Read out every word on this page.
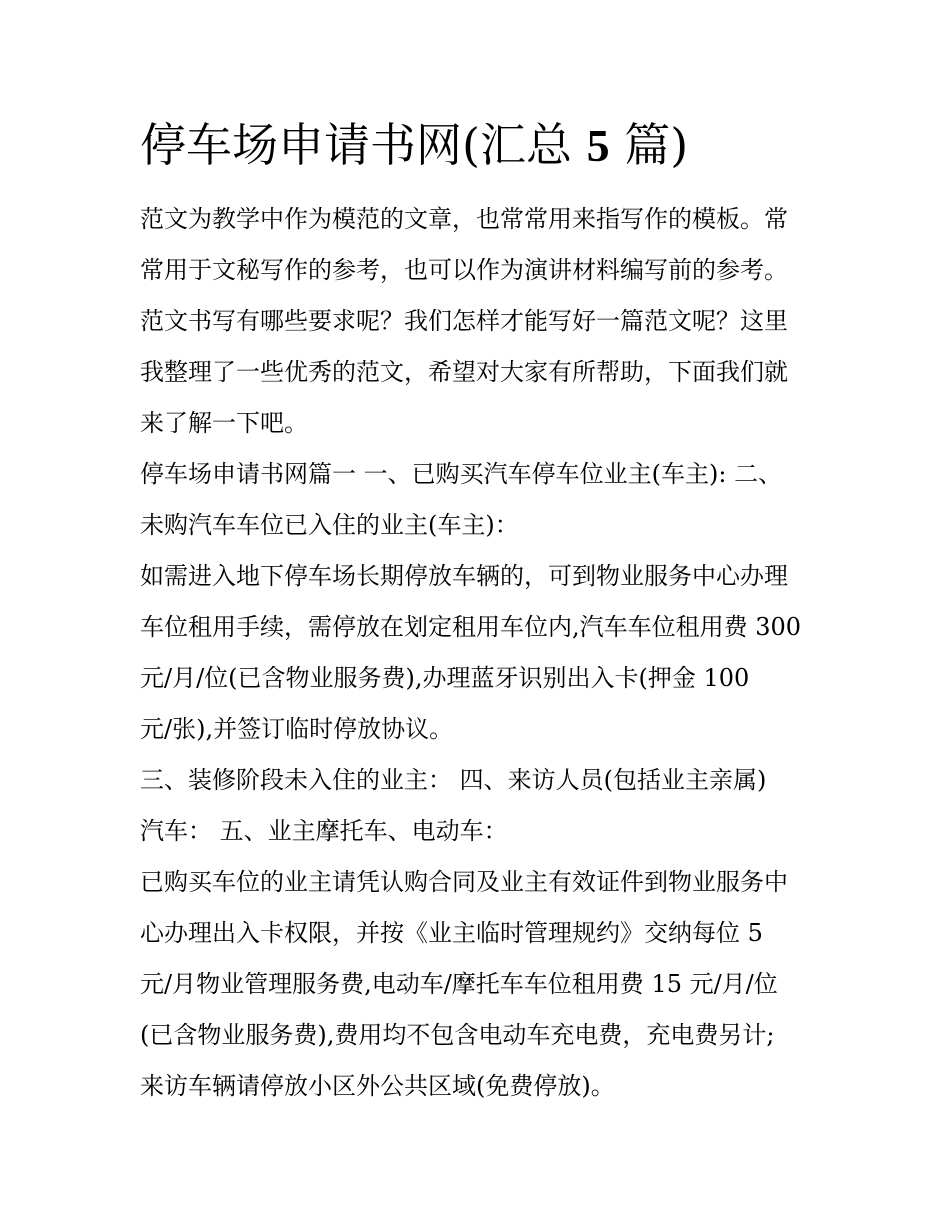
停车场申请书网(汇总 5 篇)

范文为教学中作为模范的文章，也常常用来指写作的模板。常

常用于文秘写作的参考，也可以作为演讲材料编写前的参考。

范文书写有哪些要求呢？我们怎样才能写好一篇范文呢？这里

我整理了一些优秀的范文，希望对大家有所帮助，下面我们就

来了解一下吧。

停车场申请书网篇一 一、已购买汽车停车位业主(车主): 二、

未购汽车车位已入住的业主(车主)：

如需进入地下停车场长期停放车辆的，可到物业服务中心办理

车位租用手续，需停放在划定租用车位内,汽车车位租用费 300

元/月/位(已含物业服务费),办理蓝牙识别出入卡(押金 100

元/张),并签订临时停放协议。

三、装修阶段未入住的业主： 四、来访人员(包括业主亲属)

汽车： 五、业主摩托车、电动车：

已购买车位的业主请凭认购合同及业主有效证件到物业服务中

心办理出入卡权限，并按《业主临时管理规约》交纳每位 5

元/月物业管理服务费,电动车/摩托车车位租用费 15 元/月/位

(已含物业服务费),费用均不包含电动车充电费，充电费另计;

来访车辆请停放小区外公共区域(免费停放)。
